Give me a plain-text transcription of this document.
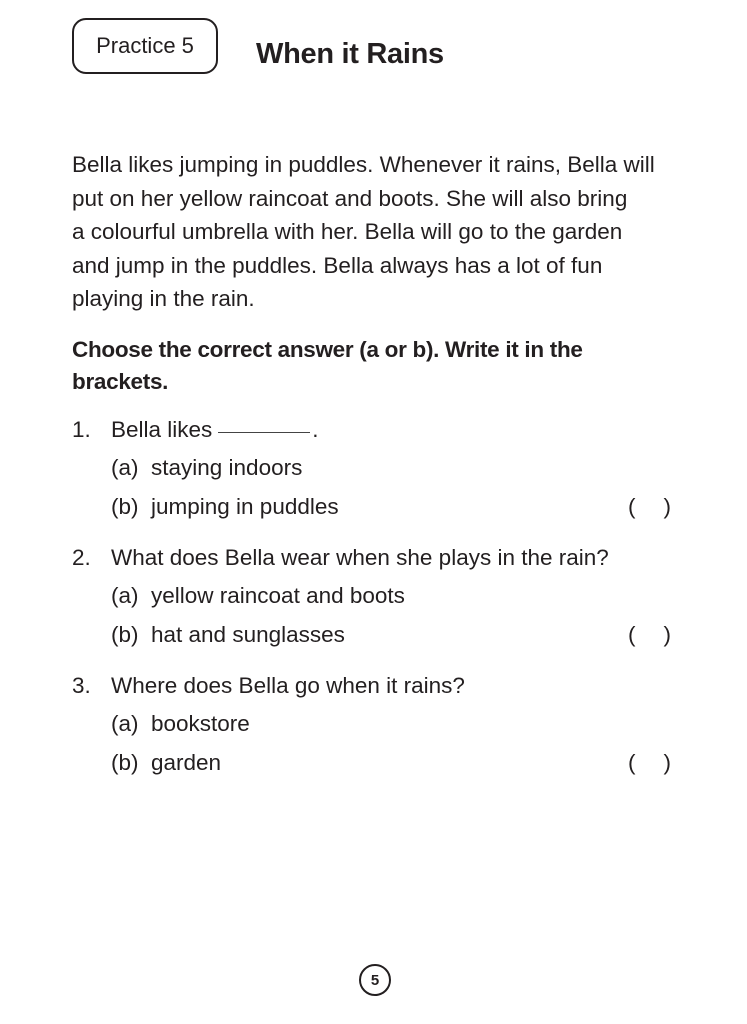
Practice 5 When it Rains
Bella likes jumping in puddles. Whenever it rains, Bella will
put on her yellow raincoat and boots. She will also bring
a colourful umbrella with her. Bella will go to the garden
and jump in the puddles. Bella always has a lot of fun
playing in the rain.
Choose the correct answer (a or b). Write it in the
brackets.
1. Bella likes	.
(a) staying indoors
(b) jumping in puddles	( )
2. What does Bella wear when she plays in the rain?
(a) yellow raincoat and boots
(b) hat and sunglasses	( )
3. Where does Bella go when it rains?
(a) bookstore
(b) garden	( )
5
